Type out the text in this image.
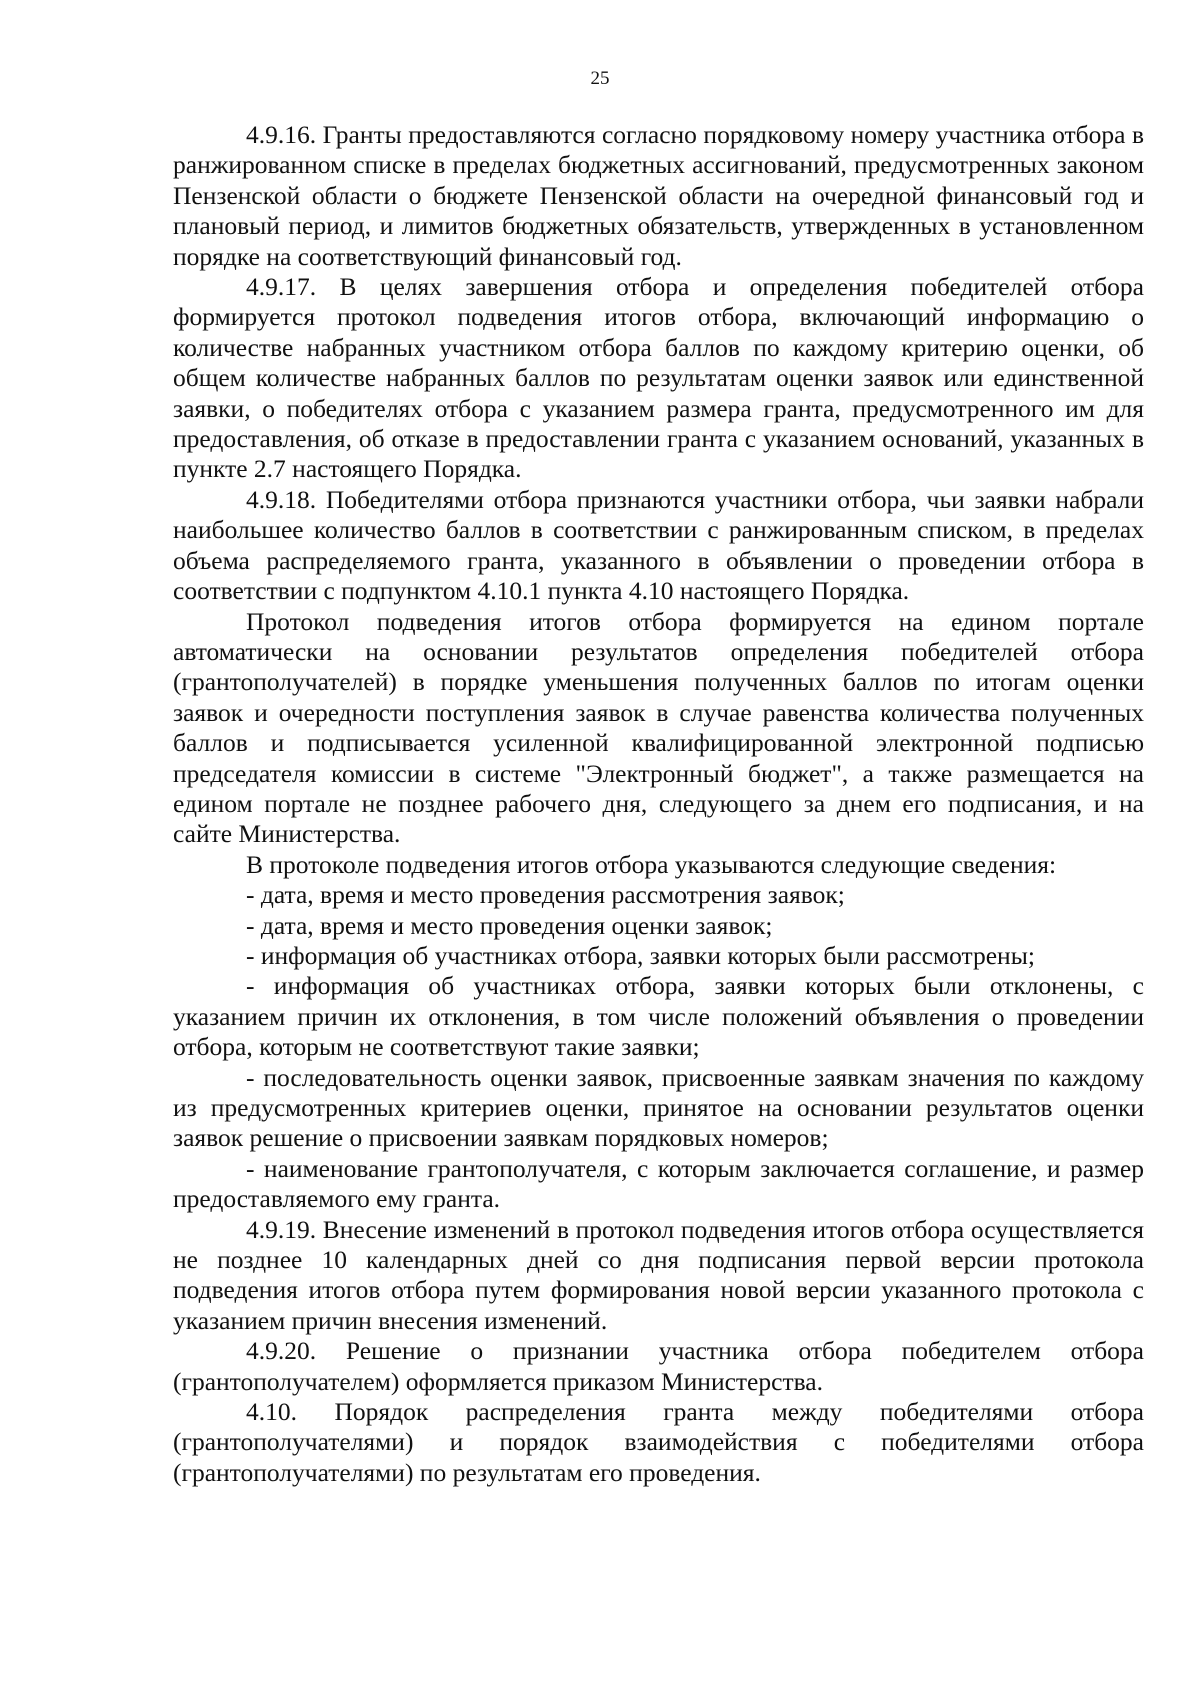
25

4.9.16. Гранты предоставляются согласно порядковому номеру участника отбора в ранжированном списке в пределах бюджетных ассигнований, предусмотренных законом Пензенской области о бюджете Пензенской области на очередной финансовый год и плановый период, и лимитов бюджетных обязательств, утвержденных в установленном порядке на соответствующий финансовый год.

4.9.17. В целях завершения отбора и определения победителей отбора формируется протокол подведения итогов отбора, включающий информацию о количестве набранных участником отбора баллов по каждому критерию оценки, об общем количестве набранных баллов по результатам оценки заявок или единственной заявки, о победителях отбора с указанием размера гранта, предусмотренного им для предоставления, об отказе в предоставлении гранта с указанием оснований, указанных в пункте 2.7 настоящего Порядка.

4.9.18. Победителями отбора признаются участники отбора, чьи заявки набрали наибольшее количество баллов в соответствии с ранжированным списком, в пределах объема распределяемого гранта, указанного в объявлении о проведении отбора в соответствии с подпунктом 4.10.1 пункта 4.10 настоящего Порядка.

Протокол подведения итогов отбора формируется на едином портале автоматически на основании результатов определения победителей отбора (грантополучателей) в порядке уменьшения полученных баллов по итогам оценки заявок и очередности поступления заявок в случае равенства количества полученных баллов и подписывается усиленной квалифицированной электронной подписью председателя комиссии в системе "Электронный бюджет", а также размещается на едином портале не позднее рабочего дня, следующего за днем его подписания, и на сайте Министерства.

В протоколе подведения итогов отбора указываются следующие сведения:

- дата, время и место проведения рассмотрения заявок;

- дата, время и место проведения оценки заявок;

- информация об участниках отбора, заявки которых были рассмотрены;

- информация об участниках отбора, заявки которых были отклонены, с указанием причин их отклонения, в том числе положений объявления о проведении отбора, которым не соответствуют такие заявки;

- последовательность оценки заявок, присвоенные заявкам значения по каждому из предусмотренных критериев оценки, принятое на основании результатов оценки заявок решение о присвоении заявкам порядковых номеров;

- наименование грантополучателя, с которым заключается соглашение, и размер предоставляемого ему гранта.

4.9.19. Внесение изменений в протокол подведения итогов отбора осуществляется не позднее 10 календарных дней со дня подписания первой версии протокола подведения итогов отбора путем формирования новой версии указанного протокола с указанием причин внесения изменений.

4.9.20. Решение о признании участника отбора победителем отбора (грантополучателем) оформляется приказом Министерства.

4.10. Порядок распределения гранта между победителями отбора (грантополучателями) и порядок взаимодействия с победителями отбора (грантополучателями) по результатам его проведения.
